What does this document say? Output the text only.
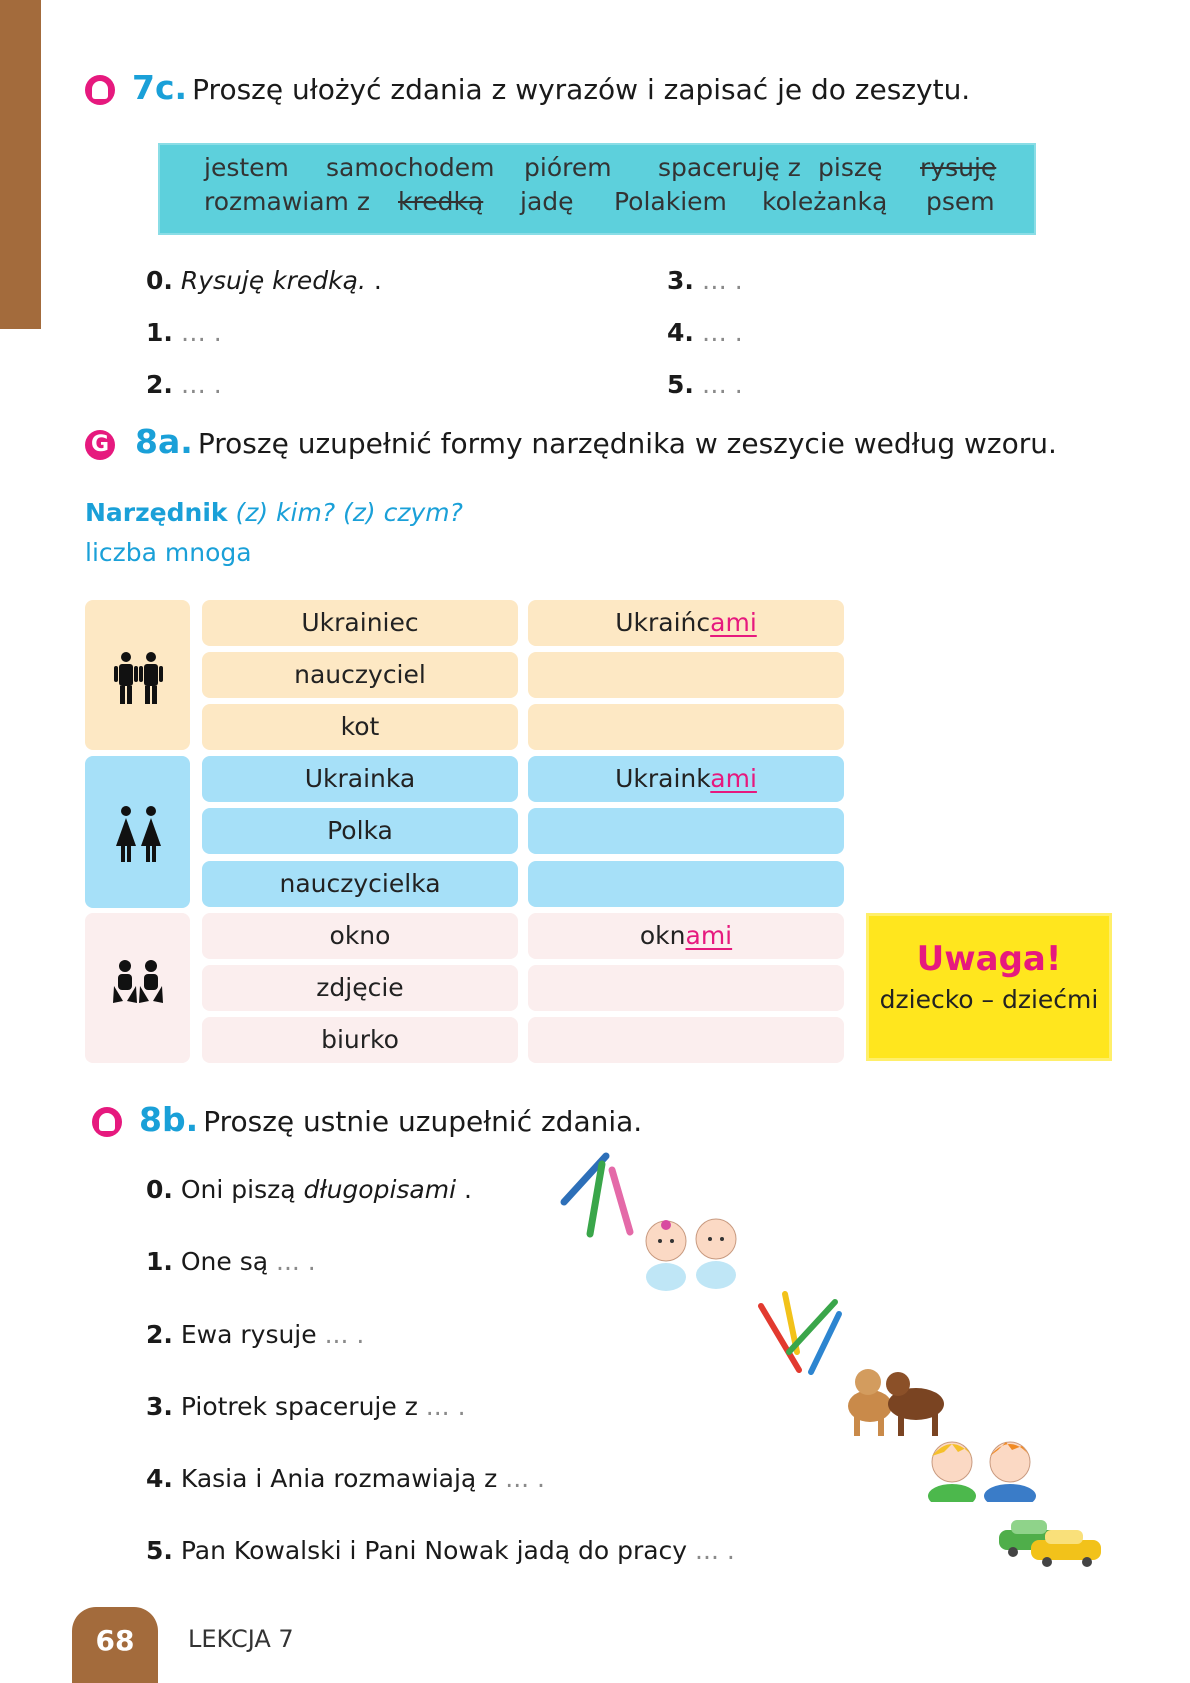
7c. Proszę ułożyć zdania z wyrazów i zapisać je do zeszytu.
jestem samochodem piórem spaceruję z piszę rysuję
rozmawiam z kredką jadę Polakiem koleżanką psem
0. Rysuję kredką. .
1. … .
2. … .
3. … .
4. … .
5. … .
G 8a. Proszę uzupełnić formy narzędnika w zeszycie według wzoru.
Narzędnik (z) kim? (z) czym?
liczba mnoga
Ukrainiec	Ukraińcami
nauczyciel
kot
Ukrainka	Ukrainkami
Polka
nauczycielka
okno	oknami
zdjęcie
biurko
Uwaga!
dziecko – dziećmi
8b. Proszę ustnie uzupełnić zdania.
0. Oni piszą długopisami .
1. One są ... .
2. Ewa rysuje ... .
3. Piotrek spaceruje z ... .
4. Kasia i Ania rozmawiają z ... .
5. Pan Kowalski i Pani Nowak jadą do pracy ... .
68	LEKCJA 7
